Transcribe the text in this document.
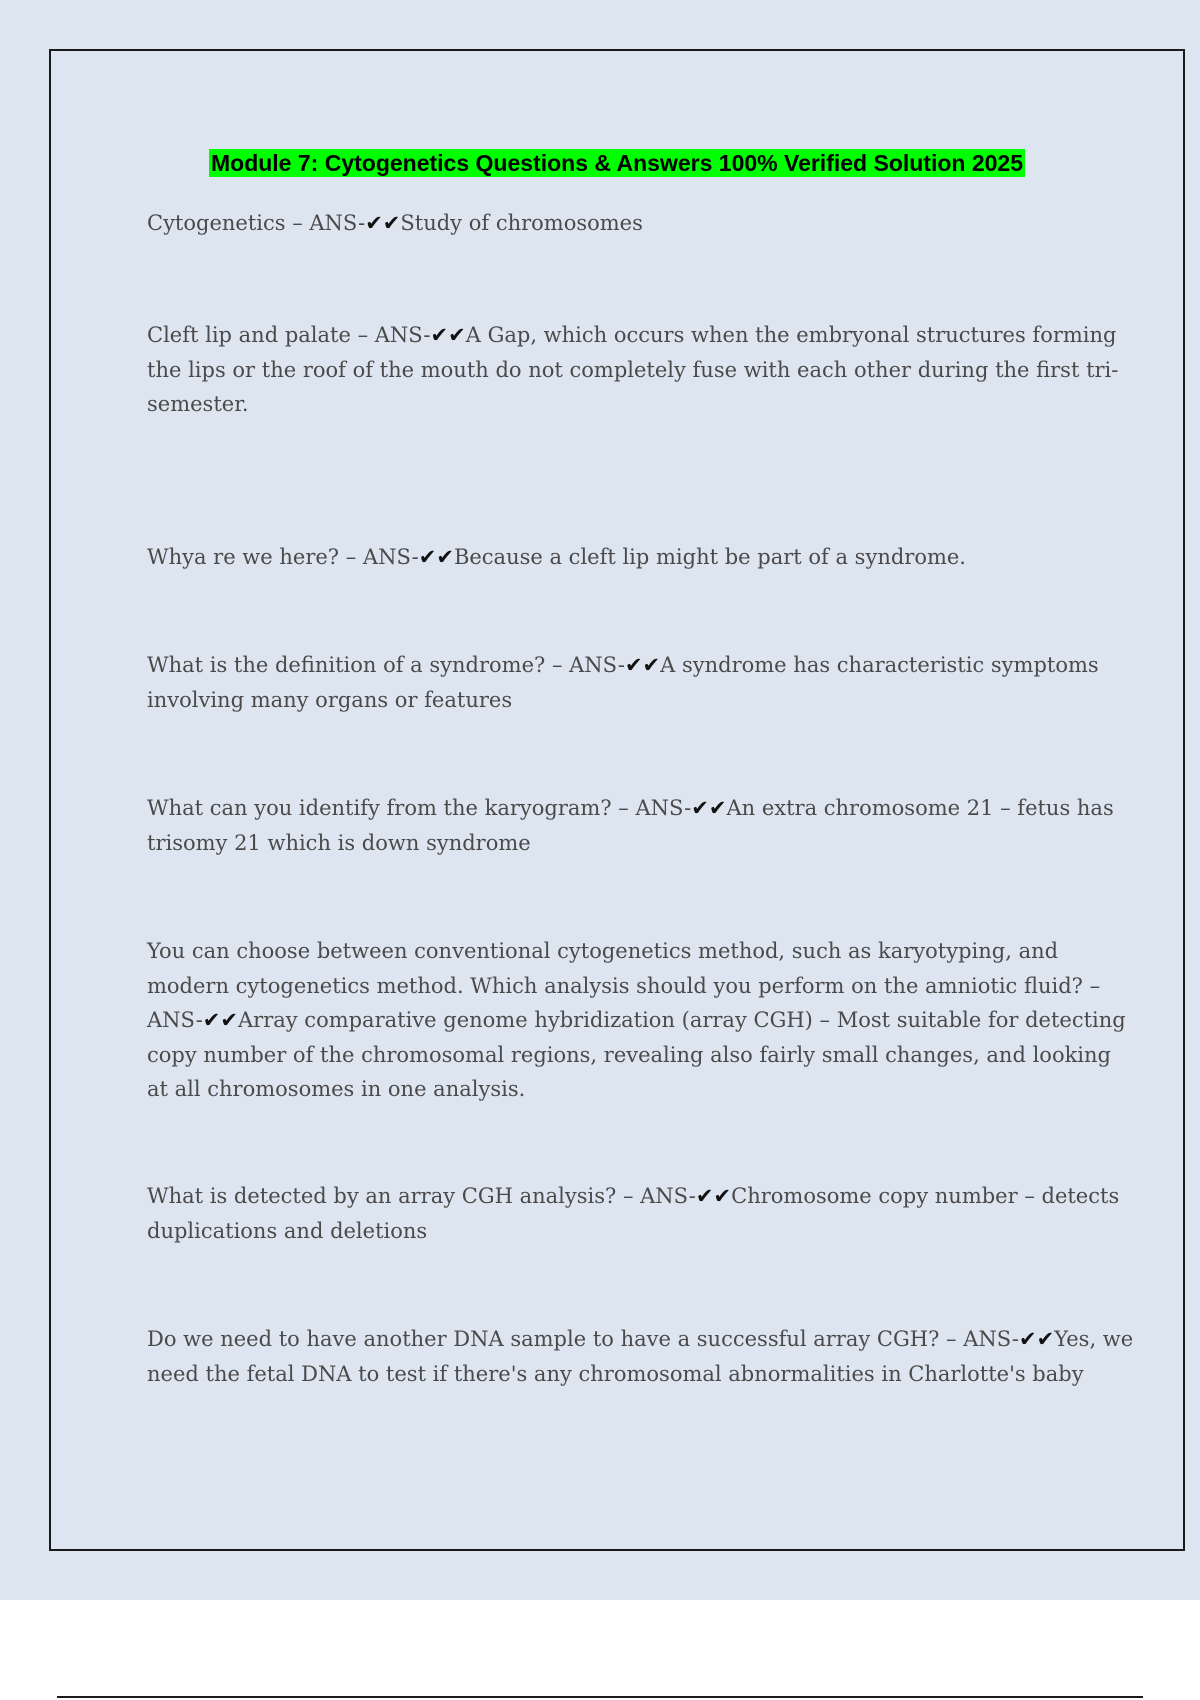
Module 7: Cytogenetics Questions & Answers 100% Verified Solution 2025

Cytogenetics – ANS-✔✔Study of chromosomes

Cleft lip and palate – ANS-✔✔A Gap, which occurs when the embryonal structures forming the lips or the roof of the mouth do not completely fuse with each other during the first tri-semester.

Whya re we here? – ANS-✔✔Because a cleft lip might be part of a syndrome.

What is the definition of a syndrome? – ANS-✔✔A syndrome has characteristic symptoms involving many organs or features

What can you identify from the karyogram? – ANS-✔✔An extra chromosome 21 – fetus has trisomy 21 which is down syndrome

You can choose between conventional cytogenetics method, such as karyotyping, and modern cytogenetics method. Which analysis should you perform on the amniotic fluid? – ANS-✔✔Array comparative genome hybridization (array CGH) – Most suitable for detecting copy number of the chromosomal regions, revealing also fairly small changes, and looking at all chromosomes in one analysis.

What is detected by an array CGH analysis? – ANS-✔✔Chromosome copy number – detects duplications and deletions

Do we need to have another DNA sample to have a successful array CGH? – ANS-✔✔Yes, we need the fetal DNA to test if there's any chromosomal abnormalities in Charlotte's baby
